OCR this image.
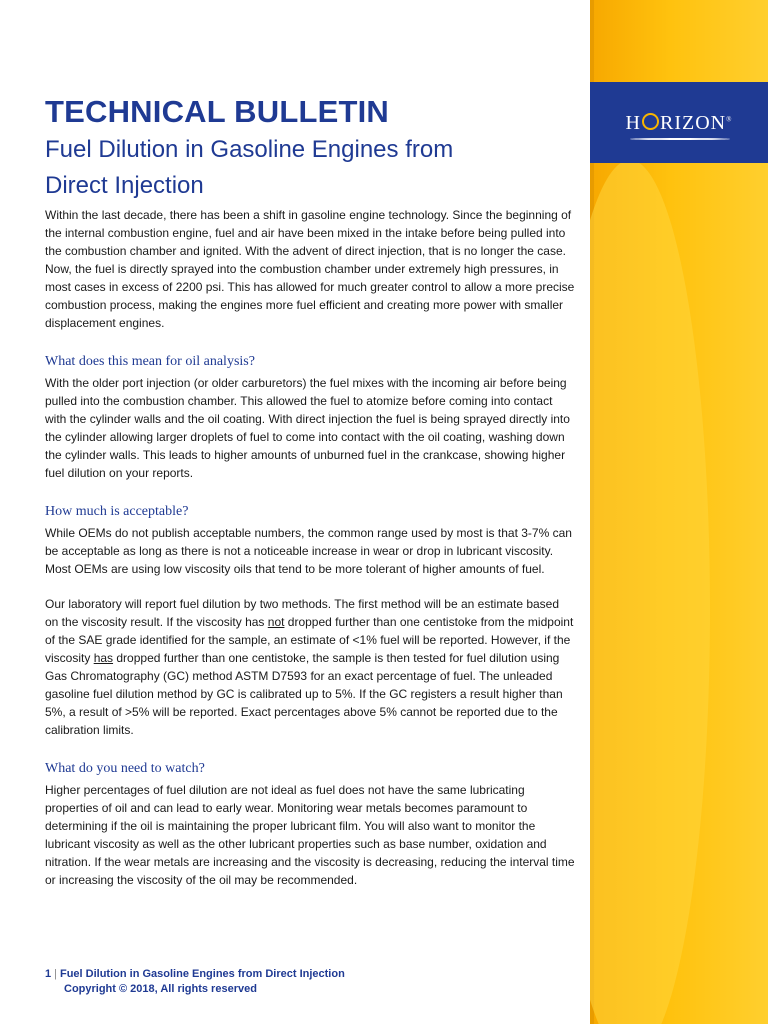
H RIZON®
TECHNICAL BULLETIN
Fuel Dilution in Gasoline Engines from
Direct Injection

Within the last decade, there has been a shift in gasoline engine technology. Since the beginning of the internal combustion engine, fuel and air have been mixed in the intake before being pulled into the combustion chamber and ignited. With the advent of direct injection, that is no longer the case. Now, the fuel is directly sprayed into the combustion chamber under extremely high pressures, in most cases in excess of 2200 psi. This has allowed for much greater control to allow a more precise combustion process, making the engines more fuel efficient and creating more power with smaller displacement engines.

What does this mean for oil analysis?

With the older port injection (or older carburetors) the fuel mixes with the incoming air before being pulled into the combustion chamber. This allowed the fuel to atomize before coming into contact with the cylinder walls and the oil coating. With direct injection the fuel is being sprayed directly into the cylinder allowing larger droplets of fuel to come into contact with the oil coating, washing down the cylinder walls. This leads to higher amounts of unburned fuel in the crankcase, showing higher fuel dilution on your reports.

How much is acceptable?

While OEMs do not publish acceptable numbers, the common range used by most is that 3-7% can be acceptable as long as there is not a noticeable increase in wear or drop in lubricant viscosity. Most OEMs are using low viscosity oils that tend to be more tolerant of higher amounts of fuel.

Our laboratory will report fuel dilution by two methods. The first method will be an estimate based on the viscosity result. If the viscosity has not dropped further than one centistoke from the midpoint of the SAE grade identified for the sample, an estimate of <1% fuel will be reported. However, if the viscosity has dropped further than one centistoke, the sample is then tested for fuel dilution using Gas Chromatography (GC) method ASTM D7593 for an exact percentage of fuel. The unleaded gasoline fuel dilution method by GC is calibrated up to 5%. If the GC registers a result higher than 5%, a result of >5% will be reported. Exact percentages above 5% cannot be reported due to the calibration limits.

What do you need to watch?

Higher percentages of fuel dilution are not ideal as fuel does not have the same lubricating properties of oil and can lead to early wear. Monitoring wear metals becomes paramount to determining if the oil is maintaining the proper lubricant film. You will also want to monitor the lubricant viscosity as well as the other lubricant properties such as base number, oxidation and nitration. If the wear metals are increasing and the viscosity is decreasing, reducing the interval time or increasing the viscosity of the oil may be recommended.

1 | Fuel Dilution in Gasoline Engines from Direct Injection
Copyright © 2018, All rights reserved
